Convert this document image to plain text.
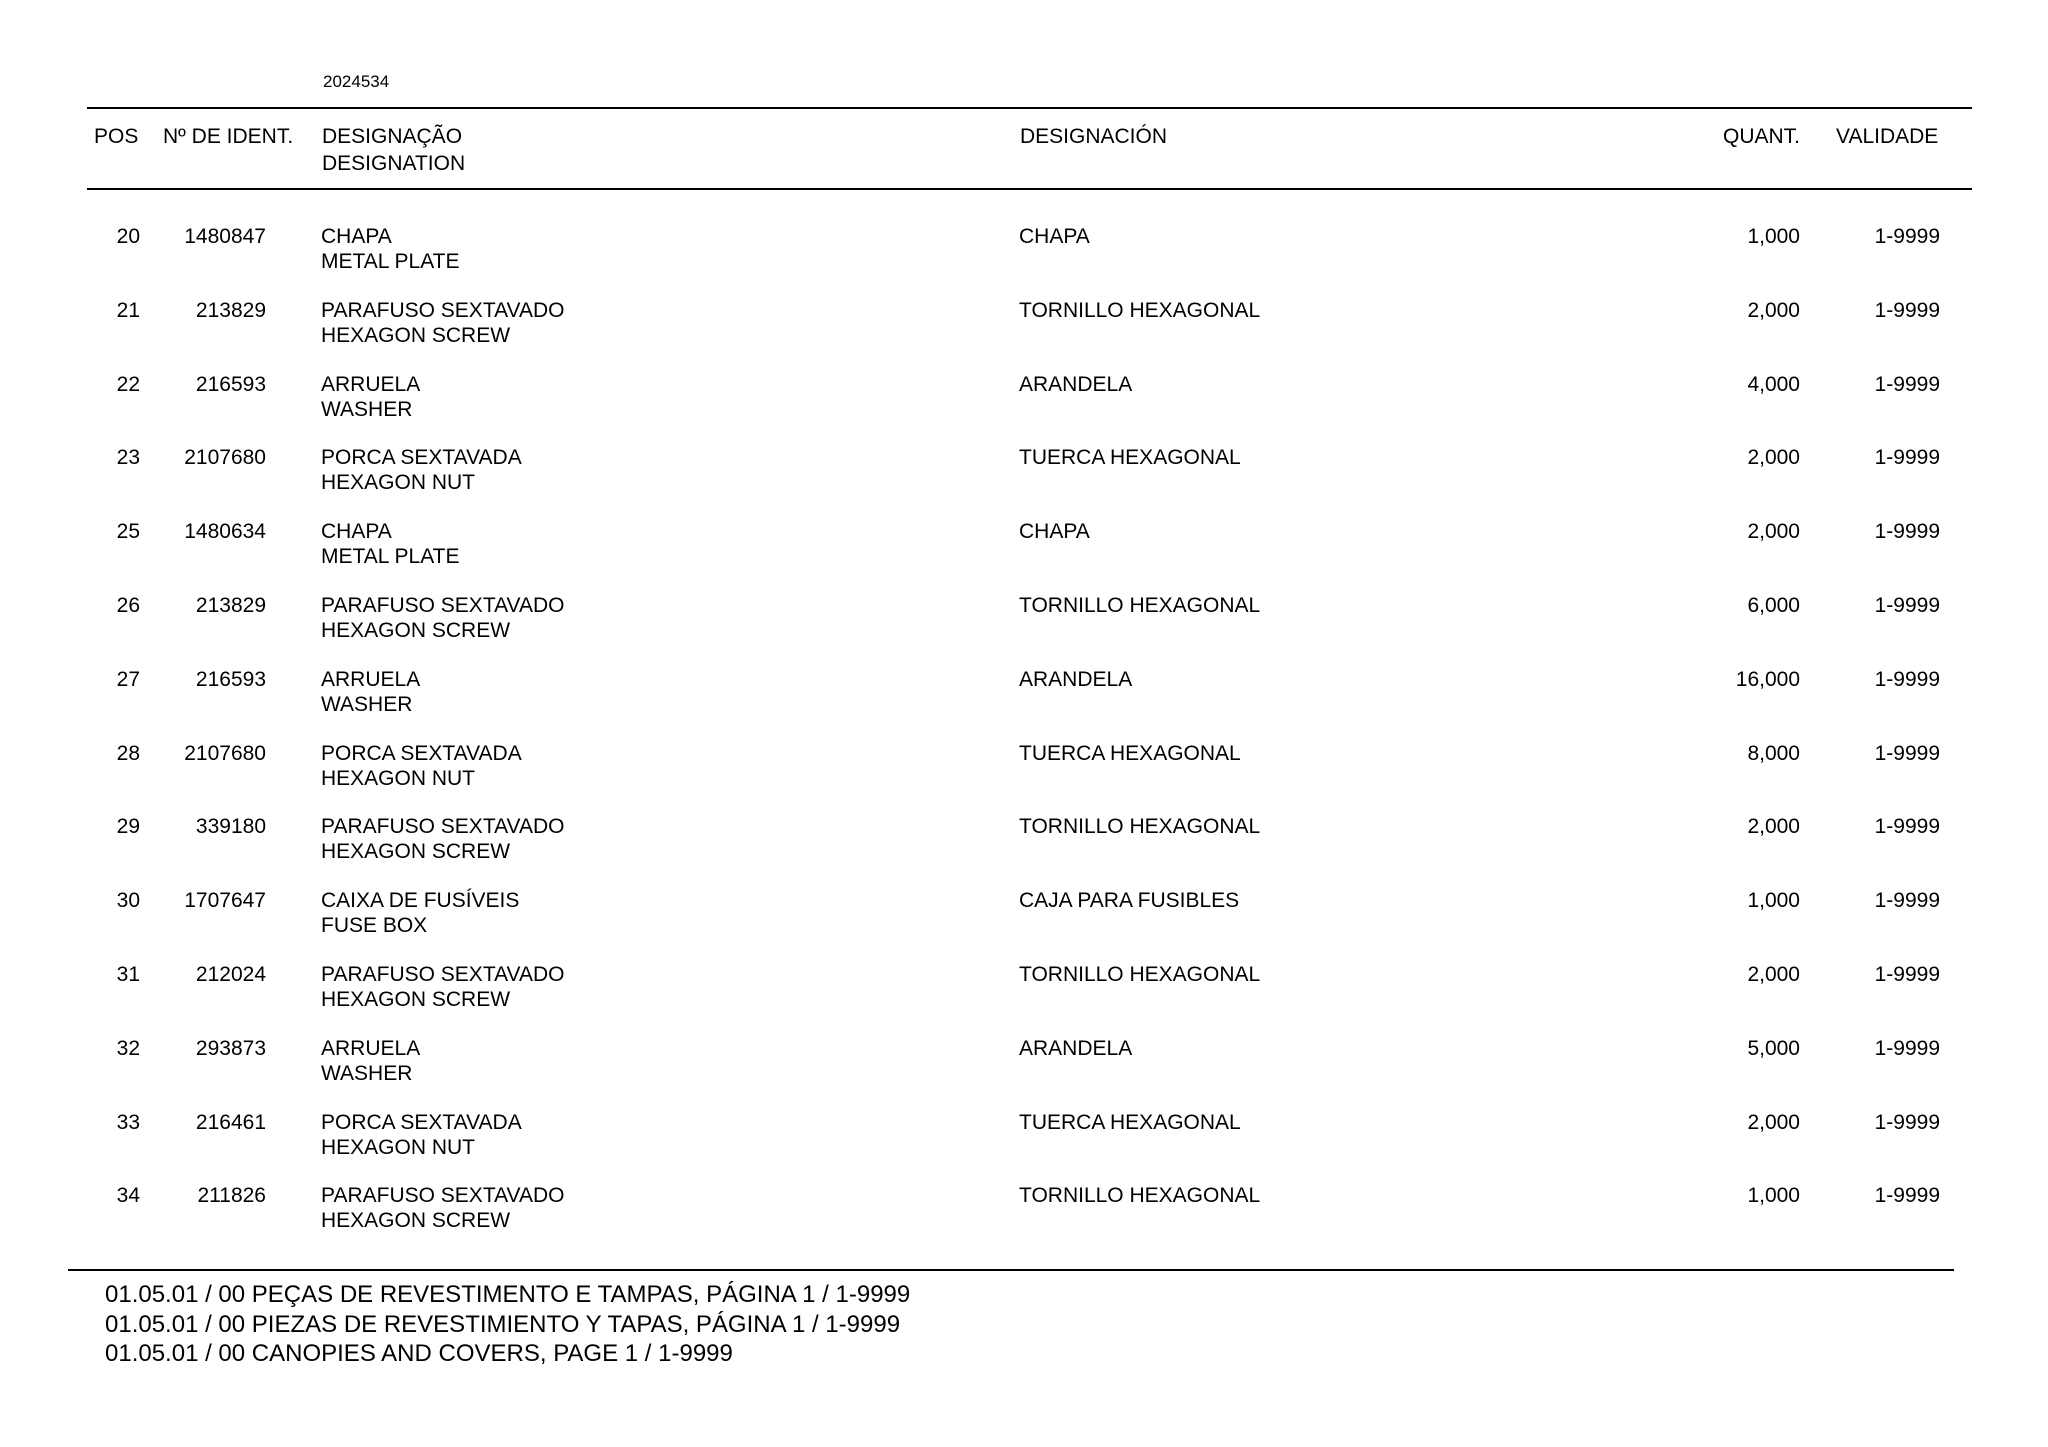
2024534
POS Nº DE IDENT. DESIGNAÇÃO
DESIGNATION
DESIGNACIÓN	QUANT. VALIDADE
20	1480847	CHAPA
METAL PLATE
CHAPA	1,000	1-9999
21	213829	PARAFUSO SEXTAVADO
HEXAGON SCREW
TORNILLO HEXAGONAL	2,000	1-9999
22	216593	ARRUELA
WASHER
ARANDELA	4,000	1-9999
23	2107680	PORCA SEXTAVADA
HEXAGON NUT
TUERCA HEXAGONAL	2,000	1-9999
25	1480634	CHAPA
METAL PLATE
CHAPA	2,000	1-9999
26	213829	PARAFUSO SEXTAVADO
HEXAGON SCREW
TORNILLO HEXAGONAL	6,000	1-9999
27	216593	ARRUELA
WASHER
ARANDELA	16,000	1-9999
28	2107680	PORCA SEXTAVADA
HEXAGON NUT
TUERCA HEXAGONAL	8,000	1-9999
29	339180	PARAFUSO SEXTAVADO
HEXAGON SCREW
TORNILLO HEXAGONAL	2,000	1-9999
30	1707647	CAIXA DE FUSÍVEIS
FUSE BOX
CAJA PARA FUSIBLES	1,000	1-9999
31	212024	PARAFUSO SEXTAVADO
HEXAGON SCREW
TORNILLO HEXAGONAL	2,000	1-9999
32	293873	ARRUELA
WASHER
ARANDELA	5,000	1-9999
33	216461	PORCA SEXTAVADA
HEXAGON NUT
TUERCA HEXAGONAL	2,000	1-9999
34	211826	PARAFUSO SEXTAVADO
HEXAGON SCREW
TORNILLO HEXAGONAL	1,000	1-9999
01.05.01 / 00 PEÇAS DE REVESTIMENTO E TAMPAS, PÁGINA 1 / 1-9999
01.05.01 / 00 PIEZAS DE REVESTIMIENTO Y TAPAS, PÁGINA 1 / 1-9999
01.05.01 / 00 CANOPIES AND COVERS, PAGE 1 / 1-9999
